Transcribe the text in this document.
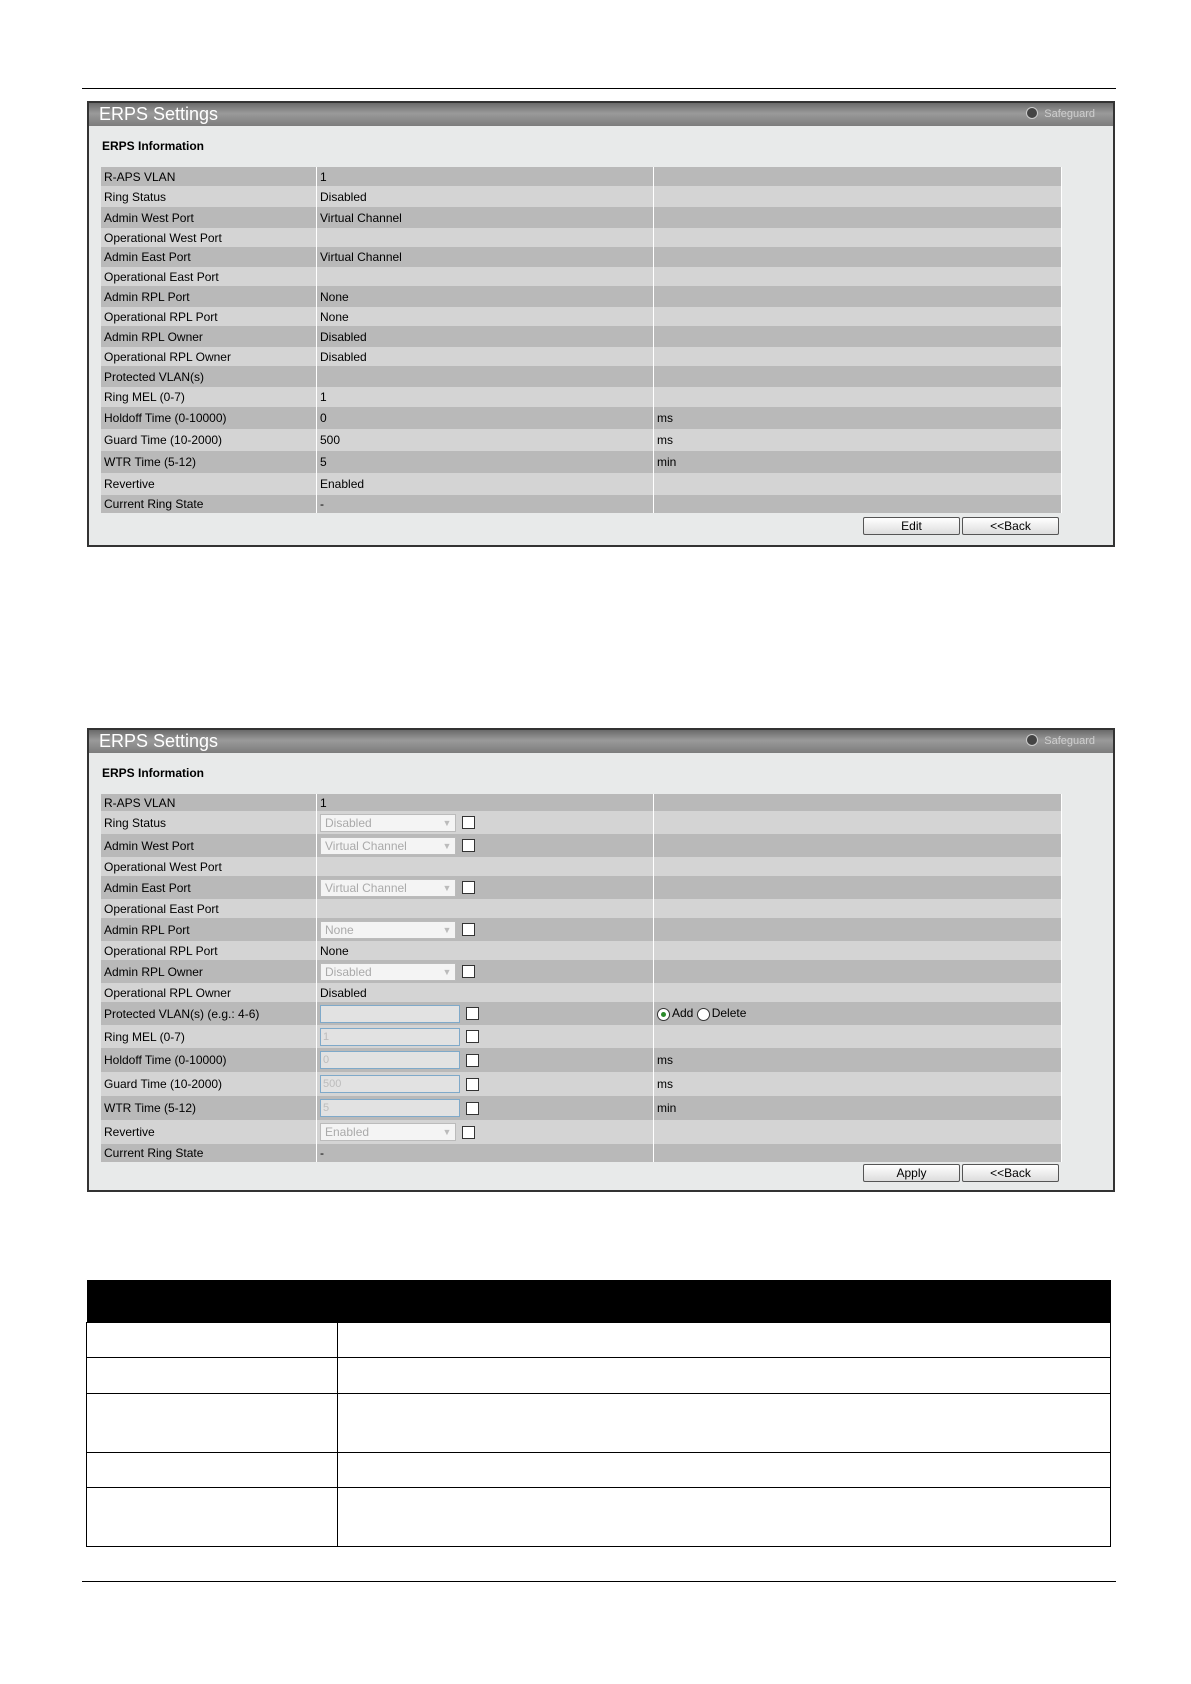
ERPS Settings	Safeguard
ERPS Information
R-APS VLAN	1	
Ring Status	Disabled	
Admin West Port	Virtual Channel	
Operational West Port		
Admin East Port	Virtual Channel	
Operational East Port		
Admin RPL Port	None	
Operational RPL Port	None	
Admin RPL Owner	Disabled	
Operational RPL Owner	Disabled	
Protected VLAN(s)		
Ring MEL (0-7)	1	
Holdoff Time (0-10000)	0	ms
Guard Time (10-2000)	500	ms
WTR Time (5-12)	5	min
Revertive	Enabled	
Current Ring State	-	
Edit	<<Back
ERPS Settings	Safeguard
ERPS Information
R-APS VLAN	1	
Ring Status	Disabled ▼	

Admin West Port	Virtual Channel ▼	

Operational West Port		
Admin East Port	Virtual Channel ▼	

Operational East Port		
Admin RPL Port	None ▼	

Operational RPL Port	None	
Admin RPL Owner	Disabled ▼	

Operational RPL Owner	Disabled	
Protected VLAN(s) (e.g.: 4-6)		Add Delete
Ring MEL (0-7)	1	
Holdoff Time (0-10000)	0	ms
Guard Time (10-2000)	500	ms
WTR Time (5-12)	5	min
Revertive	Enabled ▼	

Current Ring State	-	
Apply	<<Back
